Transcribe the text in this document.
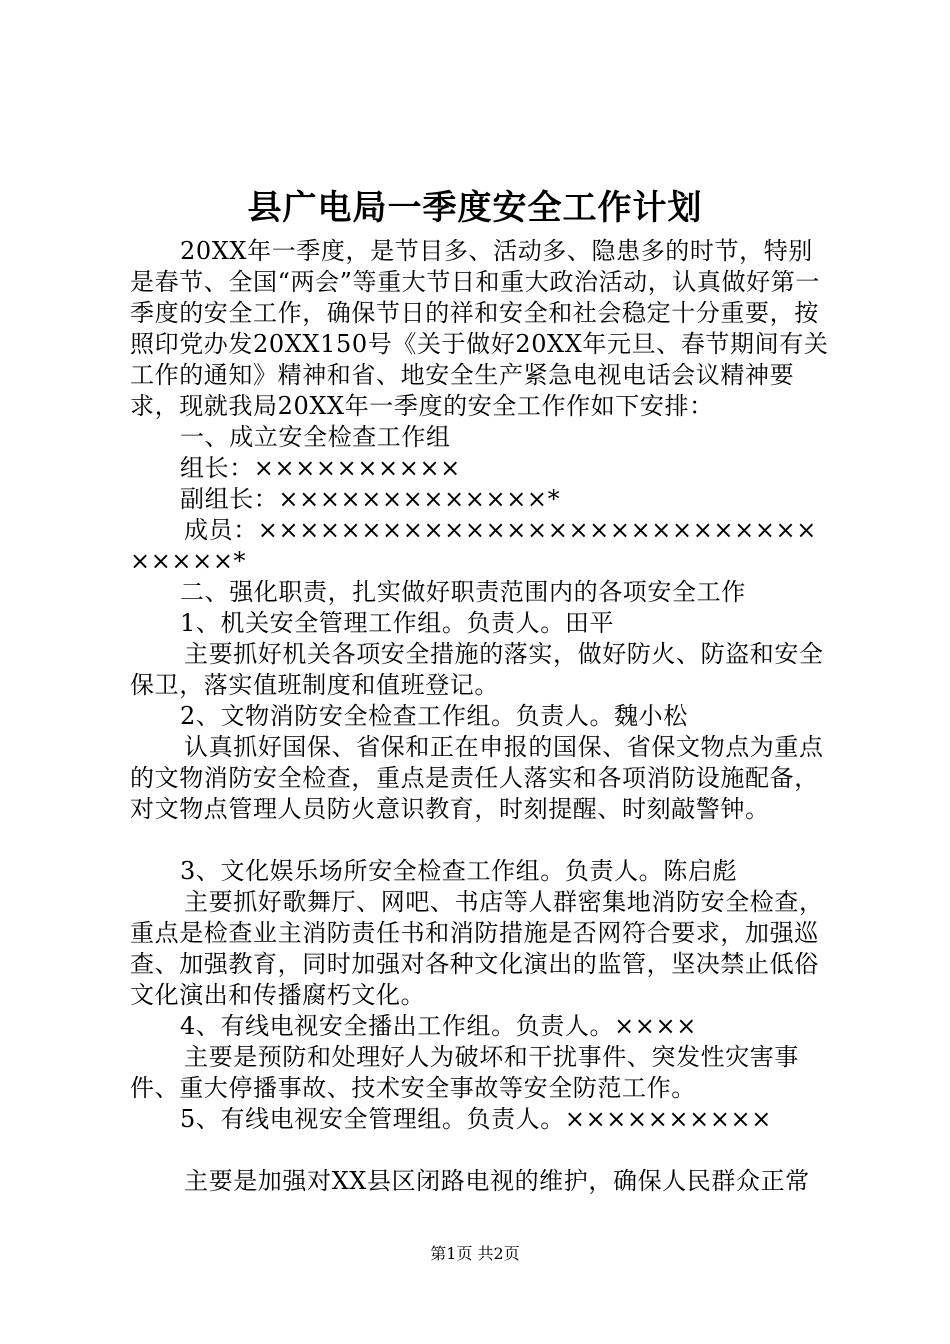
县广电局一季度安全工作计划

20XX年一季度，是节目多、活动多、隐患多的时节，特别是春节、全国“两会”等重大节日和重大政治活动，认真做好第一季度的安全工作，确保节日的祥和安全和社会稳定十分重要，按照印党办发20XX150号《关于做好20XX年元旦、春节期间有关工作的通知》精神和省、地安全生产紧急电视电话会议精神要求，现就我局20XX年一季度的安全工作作如下安排：

一、成立安全检查工作组

组长：××××××××××

副组长：×××××××××××××*

成员：××××××××××××××××××××××××××××××××*

二、强化职责，扎实做好职责范围内的各项安全工作

1、机关安全管理工作组。负责人。田平

主要抓好机关各项安全措施的落实，做好防火、防盗和安全保卫，落实值班制度和值班登记。

2、文物消防安全检查工作组。负责人。魏小松

认真抓好国保、省保和正在申报的国保、省保文物点为重点的文物消防安全检查，重点是责任人落实和各项消防设施配备，对文物点管理人员防火意识教育，时刻提醒、时刻敲警钟。

3、文化娱乐场所安全检查工作组。负责人。陈启彪

主要抓好歌舞厅、网吧、书店等人群密集地消防安全检查，重点是检查业主消防责任书和消防措施是否网符合要求，加强巡查、加强教育，同时加强对各种文化演出的监管，坚决禁止低俗文化演出和传播腐朽文化。

4、有线电视安全播出工作组。负责人。××××

主要是预防和处理好人为破坏和干扰事件、突发性灾害事件、重大停播事故、技术安全事故等安全防范工作。

5、有线电视安全管理组。负责人。××××××××××

主要是加强对XX县区闭路电视的维护，确保人民群众正常

第1页 共2页
